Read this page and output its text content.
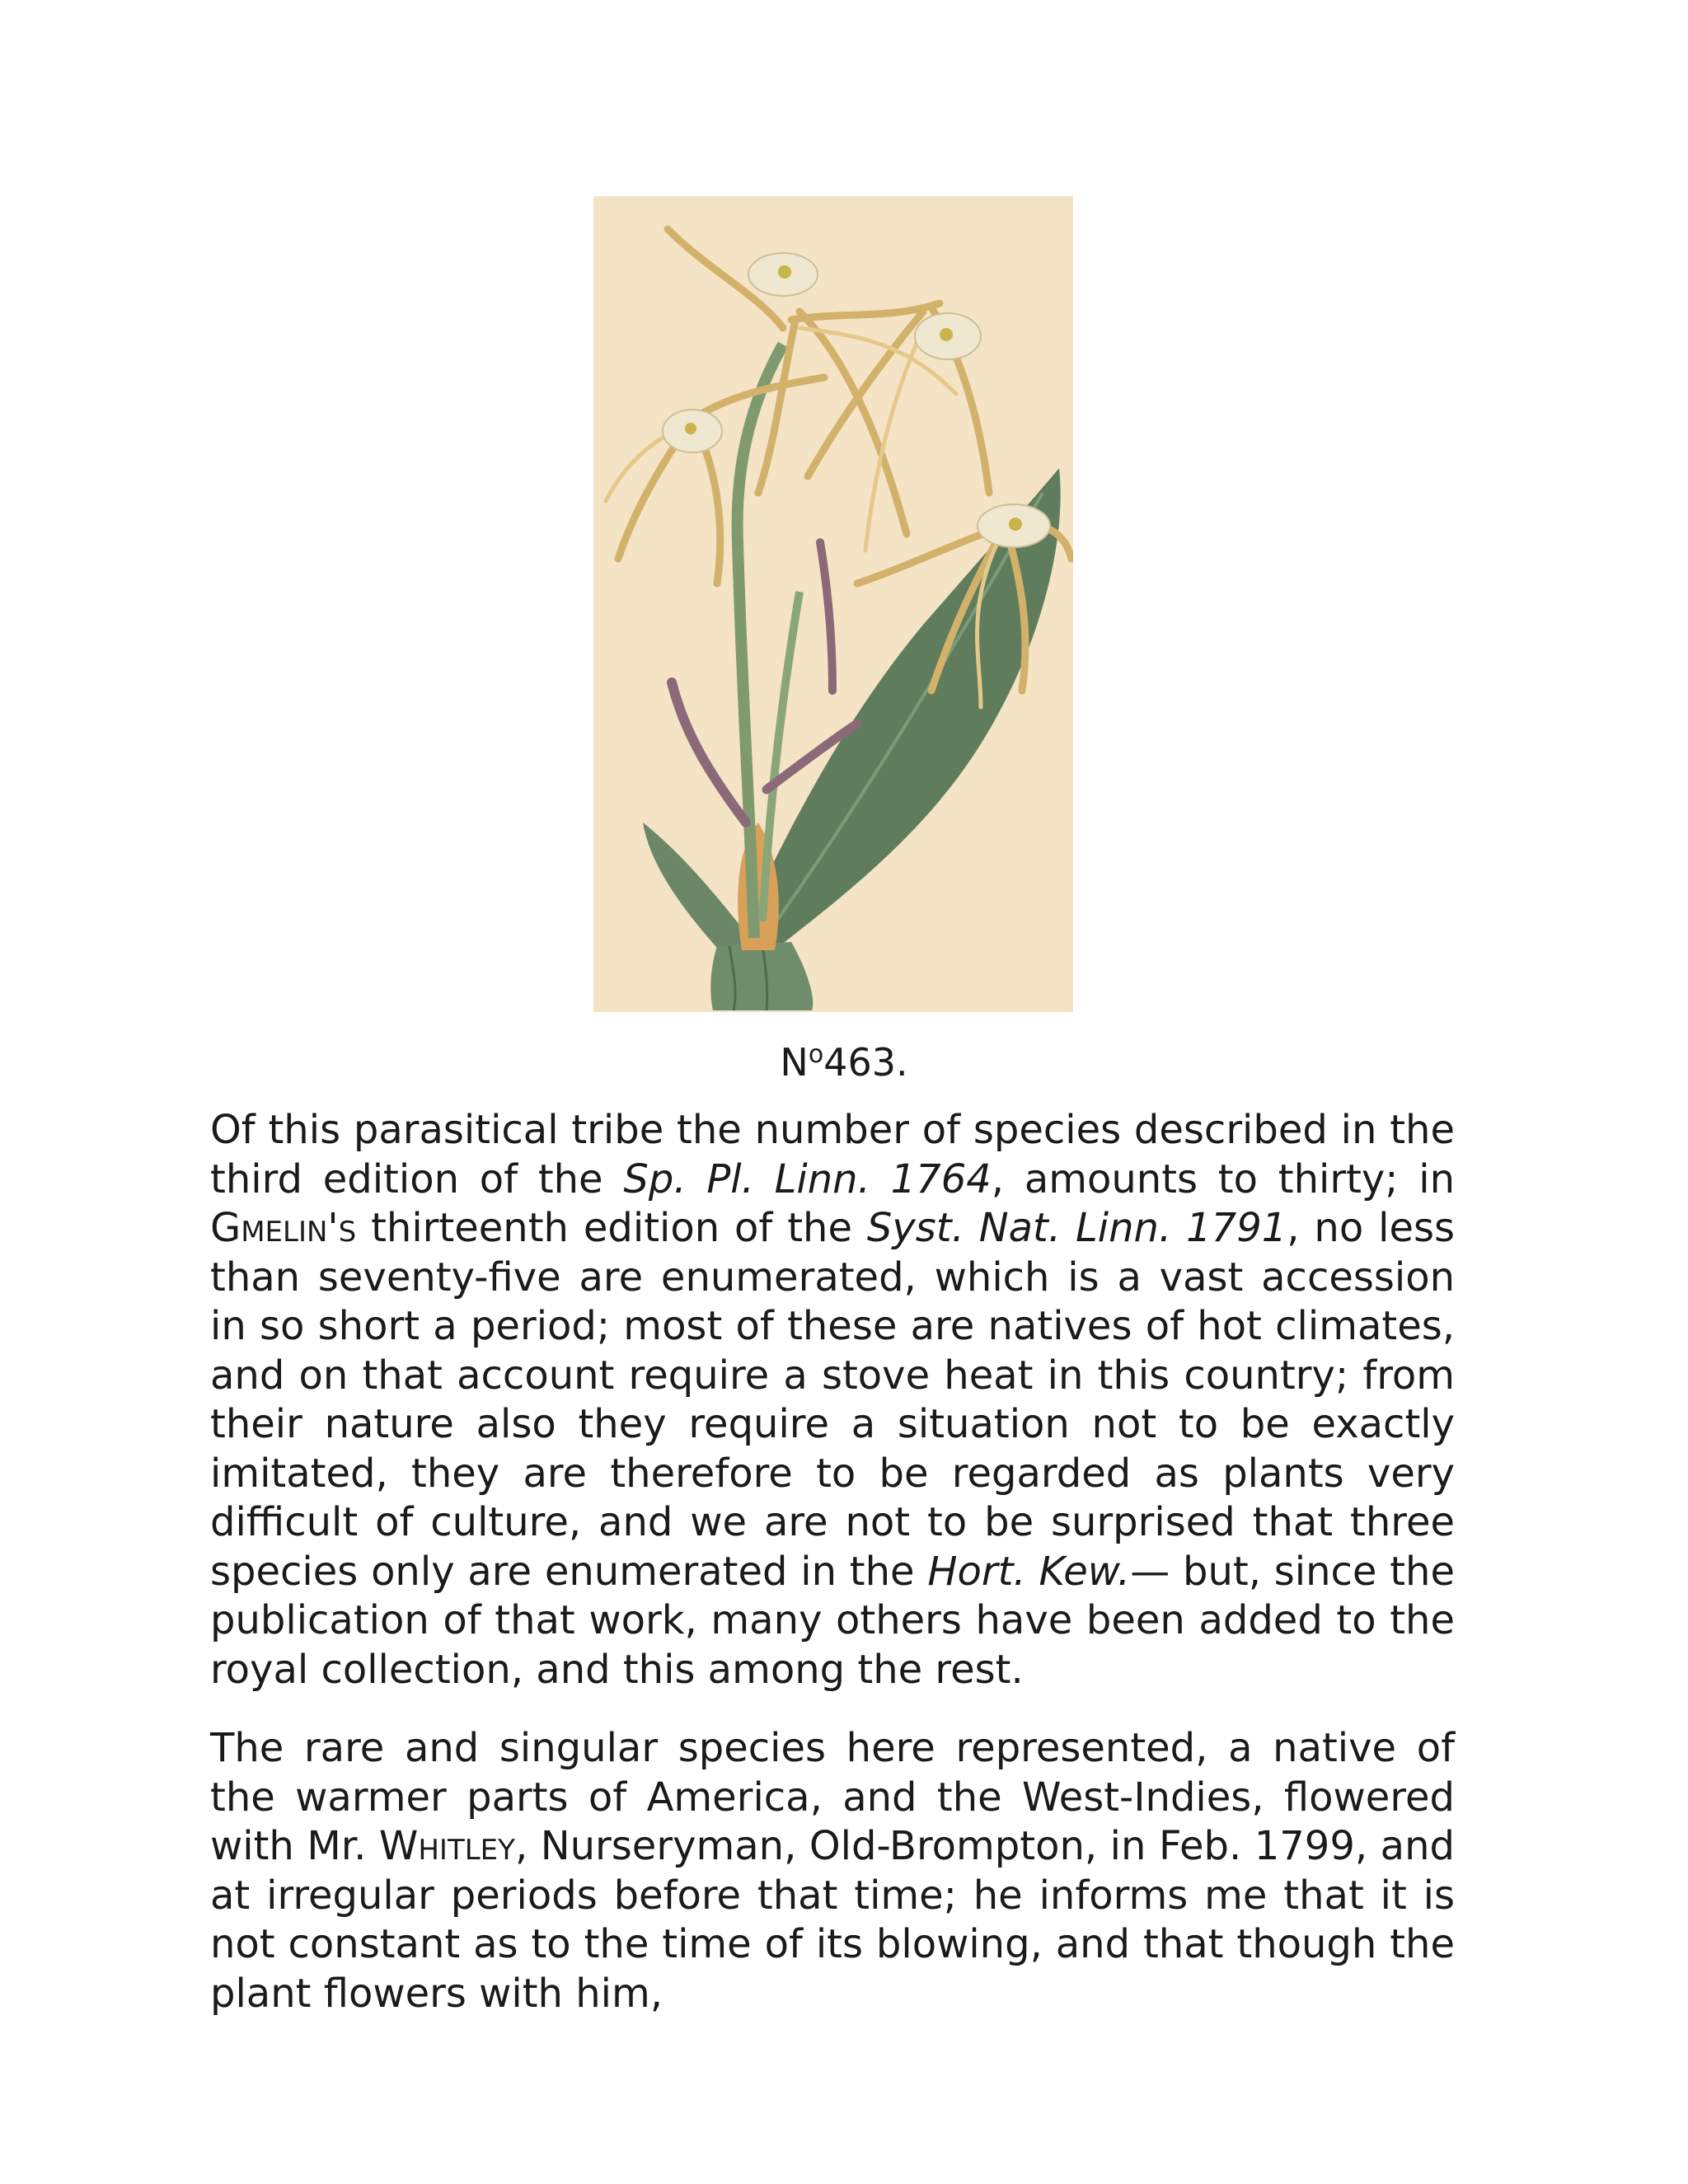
$N^o463$.

Of this parasitical tribe the number of species described in the third edition of the Sp. Pl. Linn. 1764, amounts to thirty; in Gmelin's thirteenth edition of the Syst. Nat. Linn. 1791, no less than seventy-five are enumerated, which is a vast accession in so short a period; most of these are natives of hot climates, and on that account require a stove heat in this country; from their nature also they require a situation not to be exactly imitated, they are therefore to be regarded as plants very difficult of culture, and we are not to be surprised that three species only are enumerated in the Hort. Kew.— but, since the publication of that work, many others have been added to the royal collection, and this among the rest.

The rare and singular species here represented, a native of the warmer parts of America, and the West-Indies, flowered with Mr. Whitley, Nurseryman, Old-Brompton, in Feb. 1799, and at irregular periods before that time; he informs me that it is not constant as to the time of its blowing, and that though the plant flowers with him,
